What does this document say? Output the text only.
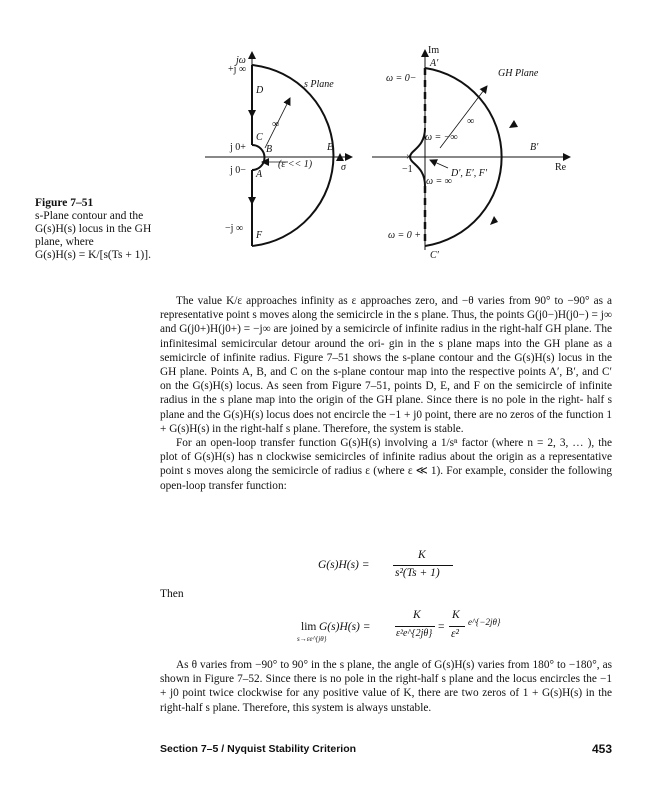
jω
+j ∞
−j ∞
j 0+
j 0−
s Plane
σ
D
E
F
A
B
C
∞
(ε << 1)
Im
Re
GH Plane
ω = 0−
ω = 0 +
ω = −∞
ω = ∞
A′
B′
C′
D′, E′, F′
−1
∞
×
Figure 7–51
s-Plane contour and the
G(s)H(s) locus in the GH
plane, where
G(s)H(s) = K/[s(Ts + 1)].

The value K/ε approaches infinity as ε approaches zero, and −θ varies from 90° to −90° as a representative point s moves along the semicircle in the s plane. Thus, the points G(j0−)H(j0−) = j∞ and G(j0+)H(j0+) = −j∞ are joined by a semicircle of infinite radius in the right-half GH plane. The infinitesimal semicircular detour around the ori- gin in the s plane maps into the GH plane as a semicircle of infinite radius. Figure 7–51 shows the s-plane contour and the G(s)H(s) locus in the GH plane. Points A, B, and C on the s-plane contour map into the respective points A′, B′, and C′ on the G(s)H(s) locus. As seen from Figure 7–51, points D, E, and F on the semicircle of infinite radius in the s plane map into the origin of the GH plane. Since there is no pole in the right- half s plane and the G(s)H(s) locus does not encircle the −1 + j0 point, there are no zeros of the function 1 + G(s)H(s) in the right-half s plane. Therefore, the system is stable.

For an open-loop transfer function G(s)H(s) involving a 1/sⁿ factor (where n = 2, 3, … ), the plot of G(s)H(s) has n clockwise semicircles of infinite radius about the origin as a representative point s moves along the semicircle of radius ε (where ε ≪ 1). For example, consider the following open-loop transfer function:

G(s)H(s) =
K
s²(Ts + 1)
Then
lim
s→εe^{jθ}
G(s)H(s) =
K
ε²e^{2jθ}
=
K
ε²
e^{−2jθ}

As θ varies from −90° to 90° in the s plane, the angle of G(s)H(s) varies from 180° to −180°, as shown in Figure 7–52. Since there is no pole in the right-half s plane and the locus encircles the −1 + j0 point twice clockwise for any positive value of K, there are two zeros of 1 + G(s)H(s) in the right-half s plane. Therefore, this system is always unstable.

Section 7–5 / Nyquist Stability Criterion	453
